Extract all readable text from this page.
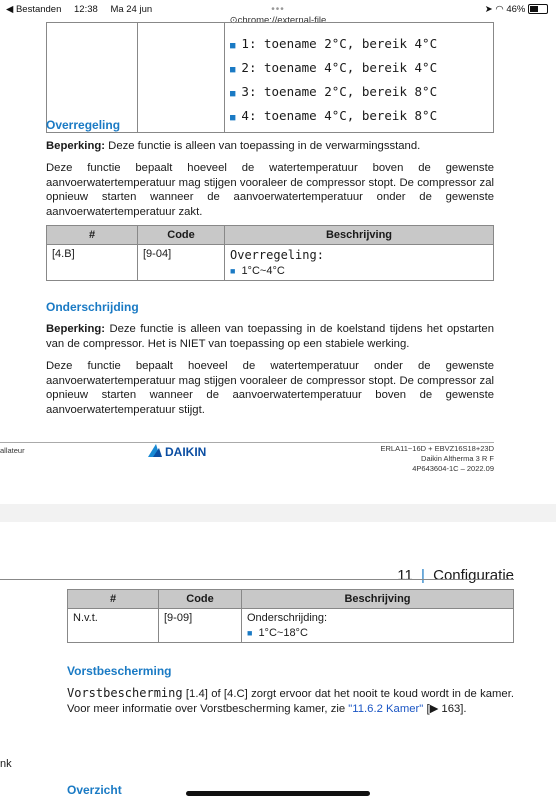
◀ Bestanden 12:38 Ma 24 jun	➤ ◠ 46%
•••
⊙chrome://external-file

■ 1: toename 2°C, bereik 4°C
■ 2: toename 4°C, bereik 4°C
■ 3: toename 2°C, bereik 8°C
■ 4: toename 4°C, bereik 8°C
Overregeling
Beperking: Deze functie is alleen van toepassing in de verwarmingsstand.
Deze functie bepaalt hoeveel de watertemperatuur boven de gewenste aanvoerwatertemperatuur mag stijgen vooraleer de compressor stopt. De compressor zal opnieuw starten wanneer de aanvoerwatertemperatuur onder de gewenste aanvoerwatertemperatuur zakt.
#	Code	Beschrijving
[4.B]	[9-04]	Overregeling:
■ 1°C~4°C
Onderschrijding
Beperking: Deze functie is alleen van toepassing in de koelstand tijdens het opstarten van de compressor. Het is NIET van toepassing op een stabiele werking.
Deze functie bepaalt hoeveel de watertemperatuur onder de gewenste aanvoerwatertemperatuur mag stijgen vooraleer de compressor stopt. De compressor zal opnieuw starten wanneer de aanvoerwatertemperatuur boven de gewenste aanvoerwatertemperatuur stijgt.
allateur	DAIKIN	ERLA11~16D + EBVZ16S18+23D
Daikin Altherma 3 R F
4P643604-1C – 2022.09
11 | Configuratie
#	Code	Beschrijving
N.v.t.	[9-09]	Onderschrijding:
■ 1°C~18°C
Vorstbescherming
Vorstbescherming [1.4] of [4.C] zorgt ervoor dat het nooit te koud wordt in de kamer. Voor meer informatie over Vorstbescherming kamer, zie "11.6.2 Kamer" [▶ 163].
nk
Overzicht
